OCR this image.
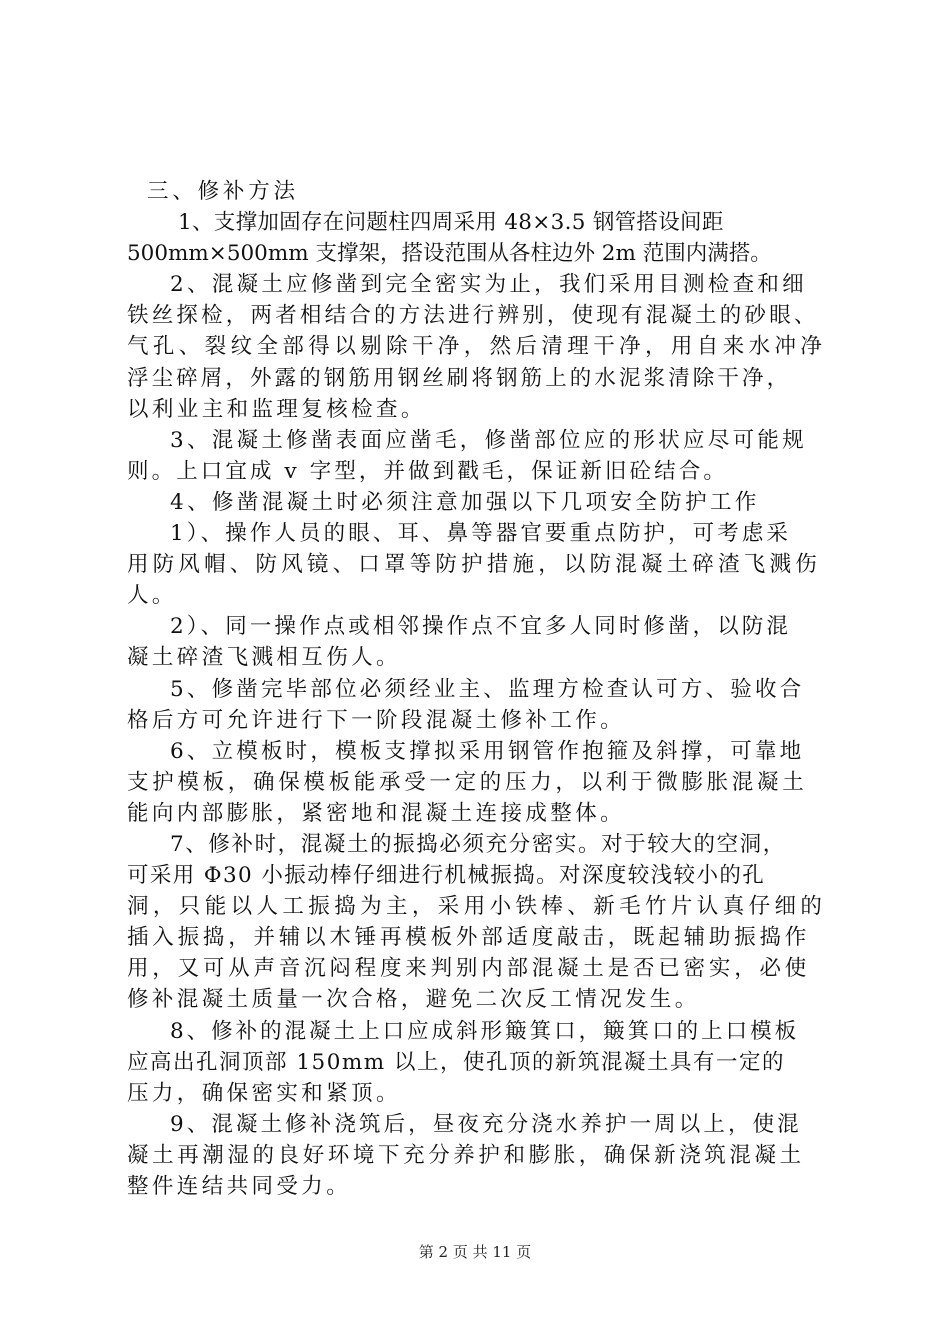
三、修补方法
1、支撑加固存在问题柱四周采用 48×3.5 钢管搭设间距
500mm×500mm 支撑架，搭设范围从各柱边外 2m 范围内满搭。
2、混凝土应修凿到完全密实为止，我们采用目测检查和细
铁丝探检，两者相结合的方法进行辨别，使现有混凝土的砂眼、
气孔、裂纹全部得以剔除干净，然后清理干净，用自来水冲净
浮尘碎屑，外露的钢筋用钢丝刷将钢筋上的水泥浆清除干净，
以利业主和监理复核检查。
3、混凝土修凿表面应凿毛，修凿部位应的形状应尽可能规
则。上口宜成 v 字型，并做到戳毛，保证新旧砼结合。
4、修凿混凝土时必须注意加强以下几项安全防护工作
1）、操作人员的眼、耳、鼻等器官要重点防护，可考虑采
用防风帽、防风镜、口罩等防护措施，以防混凝土碎渣飞溅伤
人。
2）、同一操作点或相邻操作点不宜多人同时修凿，以防混
凝土碎渣飞溅相互伤人。
5、修凿完毕部位必须经业主、监理方检查认可方、验收合
格后方可允许进行下一阶段混凝土修补工作。
6、立模板时，模板支撑拟采用钢管作抱箍及斜撑，可靠地
支护模板，确保模板能承受一定的压力，以利于微膨胀混凝土
能向内部膨胀，紧密地和混凝土连接成整体。
7、修补时，混凝土的振捣必须充分密实。对于较大的空洞，
可采用 Φ30 小振动棒仔细进行机械振捣。对深度较浅较小的孔
洞，只能以人工振捣为主，采用小铁棒、新毛竹片认真仔细的
插入振捣，并辅以木锤再模板外部适度敲击，既起辅助振捣作
用，又可从声音沉闷程度来判别内部混凝土是否已密实，必使
修补混凝土质量一次合格，避免二次反工情况发生。
8、修补的混凝土上口应成斜形簸箕口，簸箕口的上口模板
应高出孔洞顶部 150mm 以上，使孔顶的新筑混凝土具有一定的
压力，确保密实和紧顶。
9、混凝土修补浇筑后，昼夜充分浇水养护一周以上，使混
凝土再潮湿的良好环境下充分养护和膨胀，确保新浇筑混凝土
整件连结共同受力。
第 2 页 共 11 页
